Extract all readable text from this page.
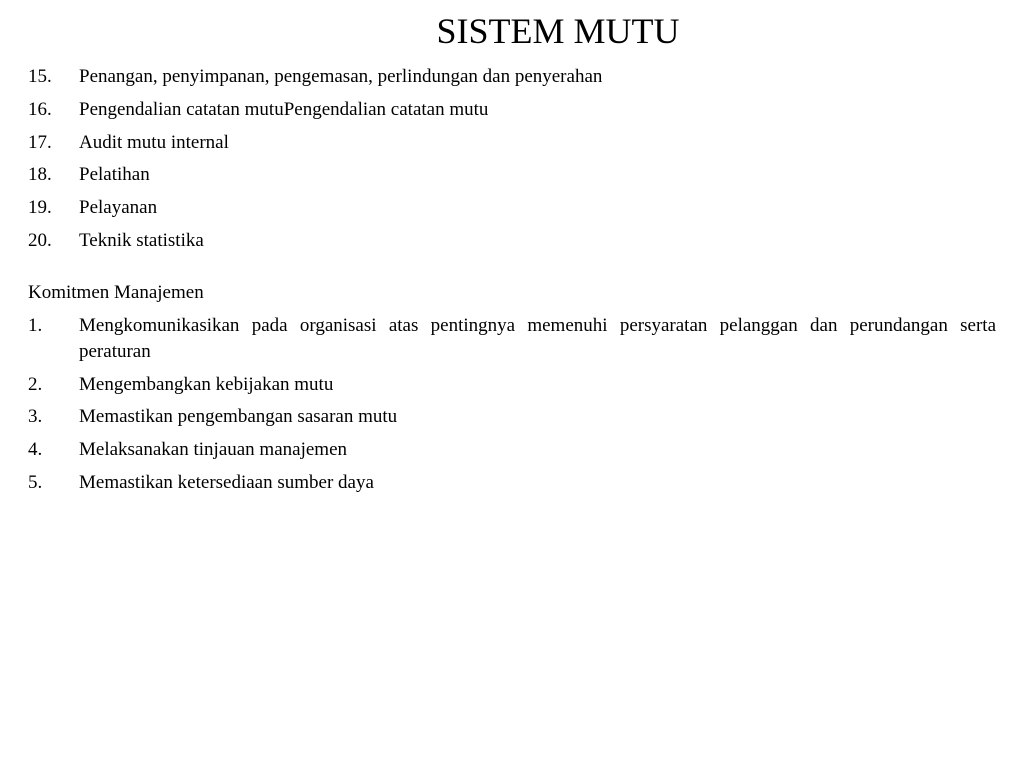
SISTEM MUTU
15.	Penangan, penyimpanan, pengemasan, perlindungan dan penyerahan
16.	Pengendalian catatan mutuPengendalian catatan mutu
17.	Audit mutu internal
18.	Pelatihan
19.	Pelayanan
20.	Teknik statistika
Komitmen Manajemen
1.	Mengkomunikasikan pada organisasi atas pentingnya memenuhi persyaratan pelanggan dan perundangan serta peraturan
2.	Mengembangkan kebijakan mutu
3.	Memastikan pengembangan sasaran mutu
4.	Melaksanakan tinjauan manajemen
5.	Memastikan ketersediaan sumber daya
